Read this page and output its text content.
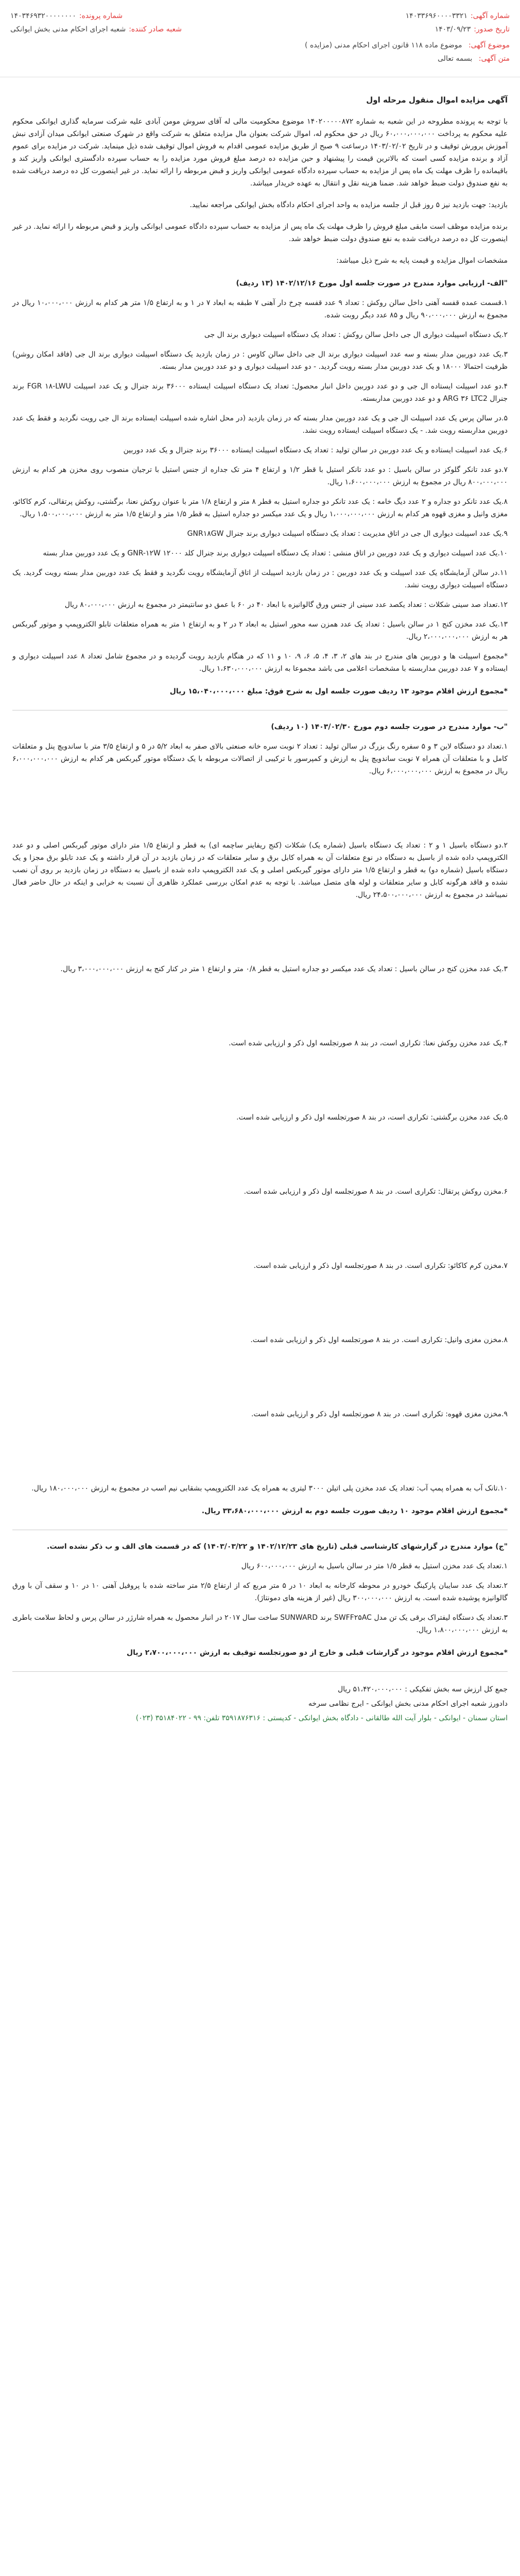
شماره آگهی:
۱۴۰۳۳۶۹۶۰۰۰۰۳۳۲۱
شماره پرونده:
۱۴۰۳۴۶۹۳۲۰۰۰۰۰۰۰۰
تاریخ صدور:
۱۴۰۳/۰۹/۲۳
شعبه صادر کننده:
شعبه اجرای احکام مدنی بخش ایوانکی
موضوع آگهی: موضوع ماده ۱۱۸ قانون اجرای احکام مدنی (مزایده )
متن آگهی: بسمه تعالی
آگهی مزایده اموال منقول مرحله اول

با توجه به پرونده مطروحه در این شعبه به شماره ۱۴۰۲۰۰۰۰۰۸۷۲ موضوع محکومیت مالی له آقای سروش مومن آبادی علیه شرکت سرمایه گذاری ایوانکی محکوم علیه محکوم به پرداخت ۶۰،۰۰۰،۰۰۰،۰۰۰ ریال در حق محکوم له، اموال شرکت بعنوان مال مزایده متعلق به شرکت واقع در شهرک صنعتی ایوانکی میدان آزادی نبش آموزش پرورش توقیف و در تاریخ ۱۴۰۳/۰۲/۰۲ درساعت ۹ صبح از طریق مزایده عمومی اقدام به فروش اموال توقیف شده ذیل مینماید. شرکت در مزایده برای عموم آزاد و برنده مزایده کسی است که بالاترین قیمت را پیشنهاد و حین مزایده ده درصد مبلغ فروش مورد مزایده را به حساب سپرده دادگستری ایوانکی واریز کند و باقیمانده را ظرف مهلت یک ماه پس از مزایده به حساب سپرده دادگاه عمومی ایوانکی واریز و قبض مربوطه را ارائه نماید. در غیر اینصورت کل ده درصد دریافت شده به نفع صندوق دولت ضبط خواهد شد. ضمنا هزینه نقل و انتقال به عهده خریدار میباشد.

بازدید: جهت بازدید نیز ۵ روز قبل از جلسه مزایده به واحد اجرای احکام دادگاه بخش ایوانکی مراجعه نمایید.

برنده مزایده موظف است مابقی مبلغ فروش را ظرف مهلت یک ماه پس از مزایده به حساب سپرده دادگاه عمومی ایوانکی واریز و قبض مربوطه را ارائه نماید. در غیر اینصورت کل ده درصد دریافت شده به نفع صندوق دولت ضبط خواهد شد.

مشخصات اموال مزایده و قیمت پایه به شرح ذیل میباشد:

"الف- ارزیابی موارد مندرج در صورت جلسه اول مورخ ۱۴۰۲/۱۲/۱۶ (۱۳ ردیف)
۱.قسمت عمده قفسه آهنی داخل سالن روکش : تعداد ۹ عدد قفسه چرخ دار آهنی ۷ طبقه به ابعاد ۷ در ۱ و به ارتفاع ۱/۵ متر هر کدام به ارزش ۱۰،۰۰۰،۰۰۰ ریال در مجموع به ارزش ۹۰،۰۰۰،۰۰۰ ریال و ۸۵ عدد دیگر روبت شده.
۲.یک دستگاه اسپیلت دیواری ال جی داخل سالن روکش : تعداد یک دستگاه اسپیلت دیواری برند ال جی
۳.یک عدد دوربین مدار بسته و سه عدد اسپیلت دیواری برند ال جی داخل سالن کاوس : در زمان بازدید یک دستگاه اسپیلت دیواری برند ال جی (فاقد امکان روشن) ظرفیت احتمالا ۱۸۰۰۰ و یک عدد دوربین مدار بسته رویت گردید. - دو عدد اسپیلت دیواری و دو عدد دوربین مدار بسته.
۴.دو عدد اسپیلت ایستاده ال جی و دو عدد دوربین داخل انبار محصول: تعداد یک دستگاه اسپیلت ایستاده ۳۶۰۰۰ برند جنرال و یک عدد اسپیلت FGR ۱۸-LWU برند جنرال ARG ۳۶ LTC2 و دو عدد دوربین مداربسته.
۵.در سالن پرس یک عدد اسپیلت ال جی و یک عدد دوربین مدار بسته که در زمان بازدید (در محل اشاره شده اسپیلت ایستاده برند ال جی رویت نگردید و فقط یک عدد دوربین مداربسته رویت شد. - یک دستگاه اسپیلت ایستاده رویت نشد.
۶.یک عدد اسپیلت ایستاده و یک عدد دوربین در سالن تولید : تعداد یک دستگاه اسپیلت ایستاده ۳۶۰۰۰ برند جنرال و یک عدد دوربین
۷.دو عدد تانکر گلوکز در سالن باسیل : دو عدد تانکر استیل با قطر ۱/۲ و ارتفاع ۴ متر تک جداره از جنس استیل با ترجیان منصوب روی مخزن هر کدام به ارزش ۸۰۰،۰۰۰،۰۰۰ ریال در مجموع به ارزش ۱،۶۰۰،۰۰۰،۰۰۰ ریال.
۸.یک عدد تانکر دو جداره و ۲ عدد دیگ خامه : یک عدد تانکر دو جداره استیل به قطر ۸ متر و ارتفاع ۱/۸ متر با عنوان روکش نعنا، برگشتی، روکش پرتقالی، کرم کاکائو، مغزی وانیل و مغزی قهوه هر کدام به ارزش ۱،۰۰۰،۰۰۰،۰۰۰ ریال و یک عدد میکسر دو جداره استیل به قطر ۱/۵ متر و ارتفاع ۱/۵ متر به ارزش ۱،۵۰۰،۰۰۰،۰۰۰ ریال.
۹.یک عدد اسپیلت دیواری ال جی در اتاق مدیریت : تعداد یک دستگاه اسپیلت دیواری برند جنرال GNR۱۸GW
۱۰.یک عدد اسپیلت دیواری و یک عدد دوربین در اتاق منشی : تعداد یک دستگاه اسپیلت دیواری برند جنرال کلد GNR-۱۲W ۱۲۰۰۰ و یک عدد دوربین مدار بسته
۱۱.در سالن آزمایشگاه یک عدد اسپیلت و یک عدد دوربین : در زمان بازدید اسپیلت از اتاق آزمایشگاه رویت نگردید و فقط یک عدد دوربین مدار بسته رویت گردید. یک دستگاه اسپیلت دیواری رویت نشد.
۱۲.تعداد صد سینی شکلات : تعداد یکصد عدد سینی از جنس ورق گالوانیزه با ابعاد ۴۰ در ۶۰ با عمق دو سانتیمتر در مجموع به ارزش ۸۰،۰۰۰،۰۰۰ ریال
۱۳.یک عدد مخزن کنج ۱ در سالن باسیل : تعداد یک عدد همزن سه محور استیل به ابعاد ۲ در ۲ و به ارتفاع ۱ متر به همراه متعلقات تابلو الکتروپمپ و موتور گیربکس هر به ارزش ۲،۰۰۰،۰۰۰،۰۰۰ ریال.

*مجموع اسپیلت ها و دوربین های مندرج در بند های ۲، ۳، ۴، ۵، ۶، ۹، ۱۰ و ۱۱ که در هنگام بازدید رویت گردیده و در مجموع شامل تعداد ۸ عدد اسپیلت دیواری و ایستاده و ۷ عدد دوربین مداربسته با مشخصات اعلامی می باشد مجموعا به ارزش ۱،۶۳۰،۰۰۰،۰۰۰ ریال.

*مجموع ارزش اقلام موجود ۱۳ ردیف صورت جلسه اول به شرح فوق: مبلغ ۱۵،۰۴۰،۰۰۰،۰۰۰ ریال
"ب- موارد مندرج در صورت جلسه دوم مورخ ۱۴۰۳/۰۲/۳۰ (۱۰ ردیف)
۱.تعداد دو دستگاه لاین ۳ و ۵ سفره رنگ بزرگ در سالن تولید : تعداد ۲ نوبت سره خانه صنعتی بالای صفر به ابعاد ۵/۲ در ۵ و ارتفاع ۳/۵ متر با ساندویچ پنل و متعلقات کامل و با متعلقات آن همراه ۷ نوبت ساندویچ پنل به ارزش و کمپرسور با ترکیبی از اتصالات مربوطه با یک دستگاه موتور گیربکس هر کدام به ارزش ۶،۰۰۰،۰۰۰،۰۰۰ ریال در مجموع به ارزش ۶،۰۰۰،۰۰۰،۰۰۰ ریال.
۲.دو دستگاه باسیل ۱ و ۲ : تعداد یک دستگاه باسیل (شماره یک) شکلات (کنج ریفاینر ساچمه ای) به قطر و ارتفاع ۱/۵ متر دارای موتور گیربکس اصلی و دو عدد الکتروپمپ داده شده از باسیل به دستگاه در نوع متعلقات آن به همراه کابل برق و سایر متعلقات که در زمان بازدید در آن قرار داشته و یک عدد تابلو برق مجزا و یک دستگاه باسیل (شماره دو) به قطر و ارتفاع ۱/۵ متر دارای موتور گیربکس اصلی و یک عدد الکتروپمپ داده شده از باسیل به دستگاه در زمان بازدید بر روی آن نصب نشده و فاقد هرگونه کابل و سایر متعلقات و لوله های متصل میباشد. با توجه به عدم امکان بررسی عملکرد ظاهری آن نسبت به خرابی و اینکه در حال حاضر فعال نمیباشد در مجموع به ارزش ۲۴،۵۰۰،۰۰۰،۰۰۰ ریال.
۳.یک عدد مخزن کنج در سالن باسیل : تعداد یک عدد میکسر دو جداره استیل به قطر ۰/۸ متر و ارتفاع ۱ متر در کنار کنج به ارزش ۳،۰۰۰،۰۰۰،۰۰۰ ریال.
۴.یک عدد مخزن روکش نعنا: تکراری است، در بند ۸ صورتجلسه اول ذکر و ارزیابی شده است.
۵.یک عدد مخزن برگشتی: تکراری است، در بند ۸ صورتجلسه اول ذکر و ارزیابی شده است.
۶.مخزن روکش پرتقال: تکراری است. در بند ۸ صورتجلسه اول ذکر و ارزیابی شده است.
۷.مخزن کرم کاکائو: تکراری است. در بند ۸ صورتجلسه اول ذکر و ارزیابی شده است.
۸.مخزن مغزی وانیل: تکراری است. در بند ۸ صورتجلسه اول ذکر و ارزیابی شده است.
۹.مخزن مغزی قهوه: تکراری است. در بند ۸ صورتجلسه اول ذکر و ارزیابی شده است.
۱۰.تانک آب به همراه پمپ آب: تعداد یک عدد مخزن پلی اتیلن ۳۰۰۰ لیتری به همراه یک عدد الکتروپمپ بشقابی نیم اسب در مجموع به ارزش ۱۸۰،۰۰۰،۰۰۰ ریال.
*مجموع ارزش اقلام موجود ۱۰ ردیف صورت جلسه دوم به ارزش ۳۳،۶۸۰،۰۰۰،۰۰۰ ریال.
"ج) موارد مندرج در گزارشهای کارشناسی قبلی (تاریخ های ۱۴۰۲/۱۲/۲۳ و ۱۴۰۳/۰۳/۲۲) که در قسمت های الف و ب ذکر نشده است.
۱.تعداد یک عدد مخزن استیل به قطر ۱/۵ متر در سالن باسیل به ارزش ۶۰۰،۰۰۰،۰۰۰ ریال
۲.تعداد یک عدد سایبان پارکینگ خودرو در محوطه کارخانه به ابعاد ۱۰ در ۵ متر مربع که از ارتفاع ۲/۵ متر ساخته شده با پروفیل آهنی ۱۰ در ۱۰ و سقف آن با ورق گالوانیزه پوشیده شده است. به ارزش ۳۰۰،۰۰۰،۰۰۰ ریال (غیر از هزینه های دمونتاژ).
۳.تعداد یک دستگاه لیفتراک برقی یک تن مدل SWFF۲۵AC برند SUNWARD ساخت سال ۲۰۱۷ در انبار محصول به همراه شارژر در سالن پرس و لحاظ سلامت باطری به ارزش ۱،۸۰۰،۰۰۰،۰۰۰ ریال.
*مجموع ارزش اقلام موجود در گزارشات قبلی و خارج از دو صورتجلسه توقیف به ارزش ۲،۷۰۰،۰۰۰،۰۰۰ ریال
جمع کل ارزش سه بخش تفکیکی : ۵۱،۴۲۰،۰۰۰،۰۰۰ ریال
دادورز شعبه اجرای احکام مدنی بخش ایوانکی - ایرج نظامی سرخه
استان سمنان - ایوانکی - بلوار آیت الله طالقانی - دادگاه بخش ایوانکی - کدپستی : ۳۵۹۱۸۷۶۳۱۶ تلفن: ۹۹ - ۳۵۱۸۴۰۲۲ (۰۲۳)
